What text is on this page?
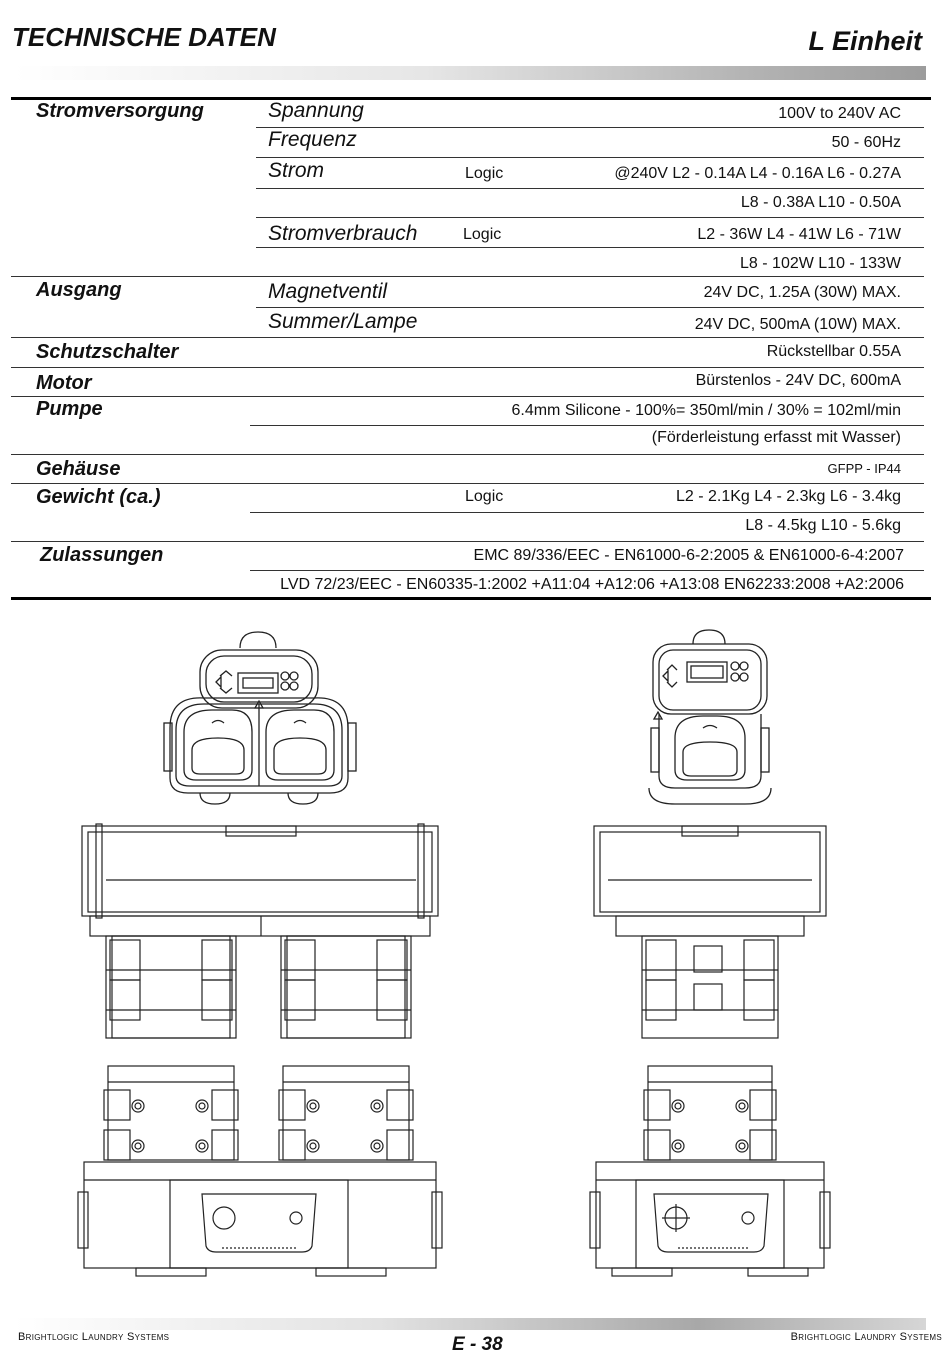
TECHNISCHE DATEN	L Einheit
Stromversorgung	Spannung	100V to 240V AC
Frequenz	50 - 60Hz
Strom	Logic	@240V L2 - 0.14A L4 - 0.16A L6 - 0.27A
L8 - 0.38A L10 - 0.50A
Stromverbrauch	Logic	L2 - 36W L4 - 41W L6 - 71W
L8 - 102W L10 - 133W
Ausgang	Magnetventil	24V DC, 1.25A (30W) MAX.
Summer/Lampe	24V DC, 500mA (10W) MAX.
Schutzschalter	Rückstellbar 0.55A
Motor	Bürstenlos - 24V DC, 600mA
Pumpe	6.4mm Silicone - 100%= 350ml/min / 30% = 102ml/min
(Förderleistung erfasst mit Wasser)
Gehäuse	GFPP - IP44
Gewicht (ca.)	Logic	L2 - 2.1Kg L4 - 2.3kg L6 - 3.4kg
L8 - 4.5kg L10 - 5.6kg
Zulassungen	EMC 89/336/EEC - EN61000-6-2:2005 & EN61000-6-4:2007
LVD 72/23/EEC - EN60335-1:2002 +A11:04 +A12:06 +A13:08 EN62233:2008 +A2:2006
Brightlogic Laundry Systems	E - 38	Brightlogic Laundry Systems
